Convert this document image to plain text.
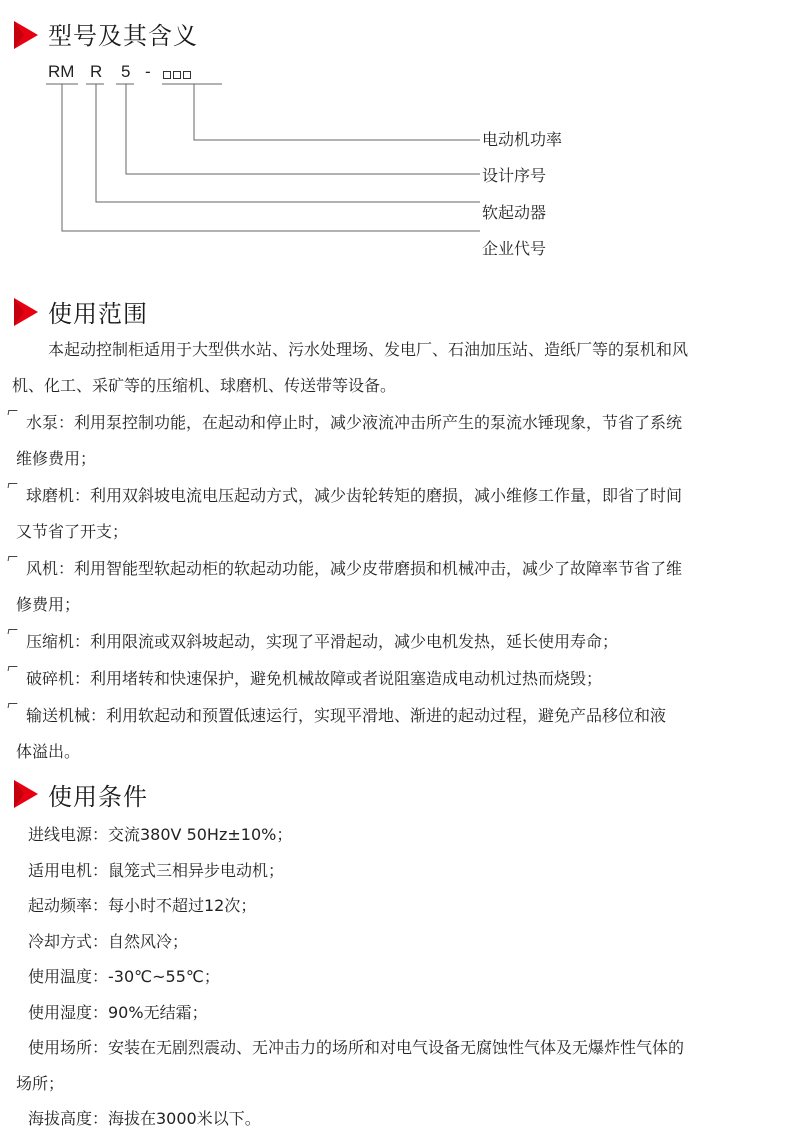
型号及其含义
RM R 5 -
电动机功率
设计序号
软起动器
企业代号
使用范围
本起动控制柜适用于大型供水站、污水处理场、发电厂、石油加压站、造纸厂等的泵机和风
机、化工、采矿等的压缩机、球磨机、传送带等设备。
水泵：利用泵控制功能，在起动和停止时，减少液流冲击所产生的泵流水锤现象，节省了系统
维修费用；
球磨机：利用双斜坡电流电压起动方式，减少齿轮转矩的磨损，减小维修工作量，即省了时间
又节省了开支；
风机：利用智能型软起动柜的软起动功能，减少皮带磨损和机械冲击，减少了故障率节省了维
修费用；
压缩机：利用限流或双斜坡起动，实现了平滑起动，减少电机发热，延长使用寿命；
破碎机：利用堵转和快速保护，避免机械故障或者说阻塞造成电动机过热而烧毁；
输送机械：利用软起动和预置低速运行，实现平滑地、渐进的起动过程，避免产品移位和液
体溢出。
使用条件
进线电源：交流380V 50Hz±10%；
适用电机：鼠笼式三相异步电动机；
起动频率：每小时不超过12次；
冷却方式：自然风冷；
使用温度：-30℃~55℃；
使用湿度：90%无结霜；
使用场所：安装在无剧烈震动、无冲击力的场所和对电气设备无腐蚀性气体及无爆炸性气体的
场所；
海拔高度：海拔在3000米以下。
